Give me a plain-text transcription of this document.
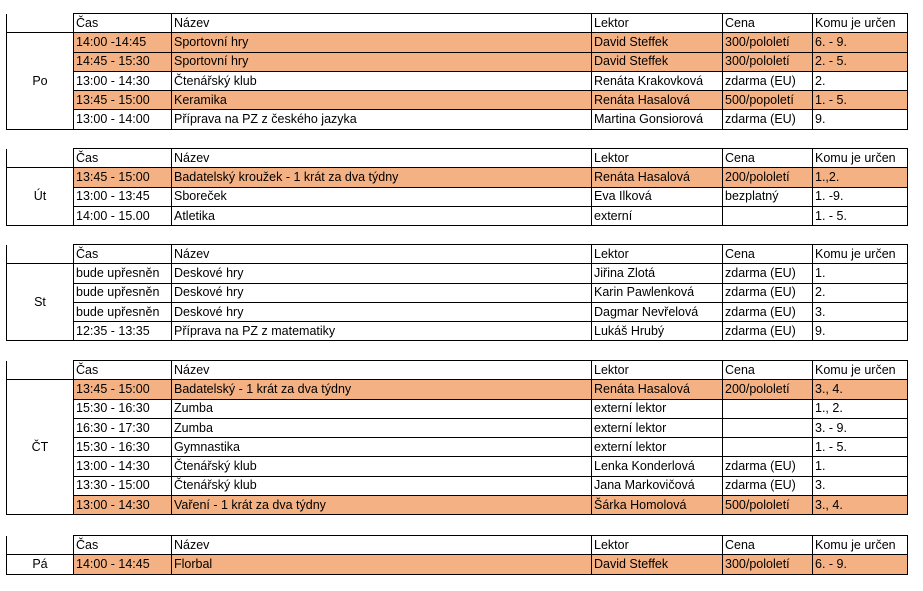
	Čas	Název	Lektor	Cena	Komu je určen
Po	14:00 -14:45	Sportovní hry	David Steffek	300/pololetí	6. - 9.
	14:45 - 15:30	Sportovní hry	David Steffek	300/pololetí	2. - 5.
	13:00 - 14:30	Čtenářský klub	Renáta Krakovková	zdarma (EU)	2.
	13:45 - 15:00	Keramika	Renáta Hasalová	500/popoletí	1. - 5.
	13:00 - 14:00	Příprava na PZ z českého jazyka	Martina Gonsiorová	zdarma (EU)	9.
	Čas	Název	Lektor	Cena	Komu je určen
Út	13:45 - 15:00	Badatelský kroužek - 1 krát za dva týdny	Renáta Hasalová	200/pololetí	1.,2.
	13:00 - 13:45	Sboreček	Eva Ilková	bezplatný	1. -9.
	14:00 - 15.00	Atletika	externí		1. - 5.
	Čas	Název	Lektor	Cena	Komu je určen
St	bude upřesněn	Deskové hry	Jiřina Zlotá	zdarma (EU)	1.
	bude upřesněn	Deskové hry	Karin Pawlenková	zdarma (EU)	2.
	bude upřesněn	Deskové hry	Dagmar Nevřelová	zdarma (EU)	3.
	12:35 - 13:35	Příprava na PZ z matematiky	Lukáš Hrubý	zdarma (EU)	9.
	Čas	Název	Lektor	Cena	Komu je určen
ČT	13:45 - 15:00	Badatelský - 1 krát za dva týdny	Renáta Hasalová	200/pololetí	3., 4.
	15:30 - 16:30	Zumba	externí lektor		1., 2.
	16:30 - 17:30	Zumba	externí lektor		3. - 9.
	15:30 - 16:30	Gymnastika	externí lektor		1. - 5.
	13:00 - 14:30	Čtenářský klub	Lenka Konderlová	zdarma (EU)	1.
	13:30 - 15:00	Čtenářský klub	Jana Markovičová	zdarma (EU)	3.
	13:00 - 14:30	Vaření - 1 krát za dva týdny	Šárka Homolová	500/pololetí	3., 4.
	Čas	Název	Lektor	Cena	Komu je určen
Pá	14:00 - 14:45	Florbal	David Steffek	300/pololetí	6. - 9.
